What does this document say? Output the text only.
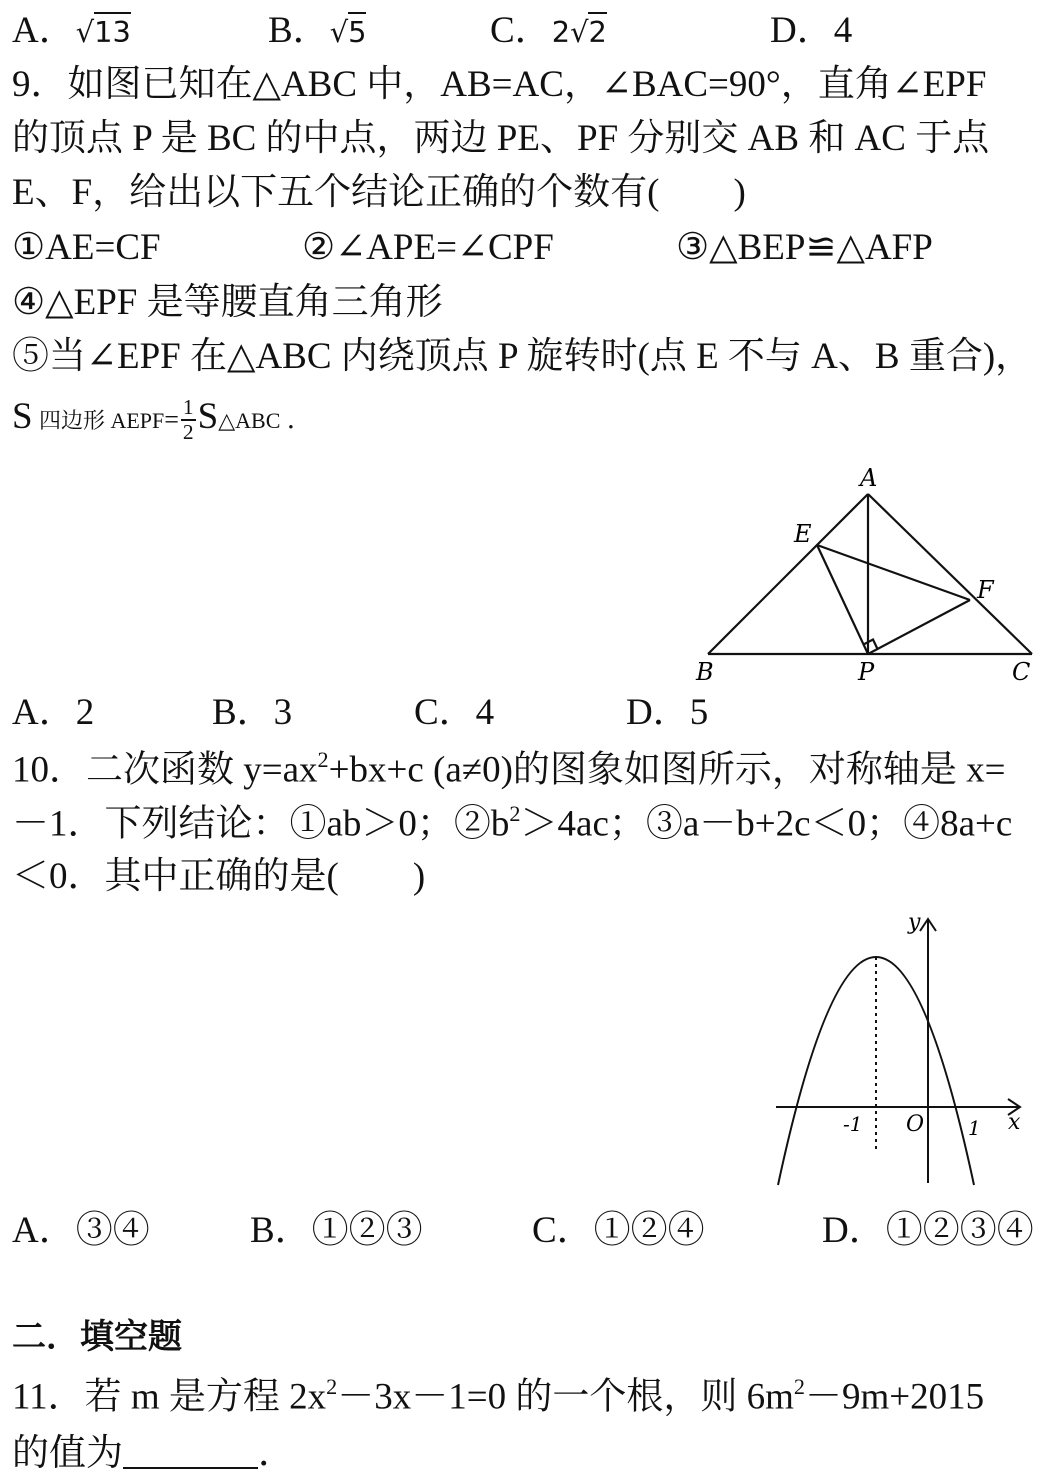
A．√13	B．√5	C．2√2	D．4
9．如图已知在△ABC 中，AB=AC，∠BAC=90°，直角∠EPF
的顶点 P 是 BC 的中点，两边 PE、PF 分别交 AB 和 AC 于点
E、F，给出以下五个结论正确的个数有(　　)
①AE=CF	②∠APE=∠CPF	③△BEP≌△AFP
④△EPF 是等腰直角三角形
⑤当∠EPF 在△ABC 内绕顶点 P 旋转时(点 E 不与 A、B 重合)，
S 四边形 AEPF= $\frac{1}{2}$ S△ABC ．
A
E
F
B	P	C
A．2	B．3	C．4	D．5
10．二次函数 $y=ax^2+bx+c$ (a≠0)的图象如图所示，对称轴是 x=
－1．下列结论：①ab＞0；$②b^2>4ac$；③a－b+2c＜0；④8a+c
＜0．其中正确的是(　　)
y
x
O
-1	1
A．③④	B．①②③	C．①②④	D．①②③④
二．填空题
11．若 m 是方程 $2x^2-3x-1=0$ 的一个根，则 $6m^2-9m+2015$
的值为	．
